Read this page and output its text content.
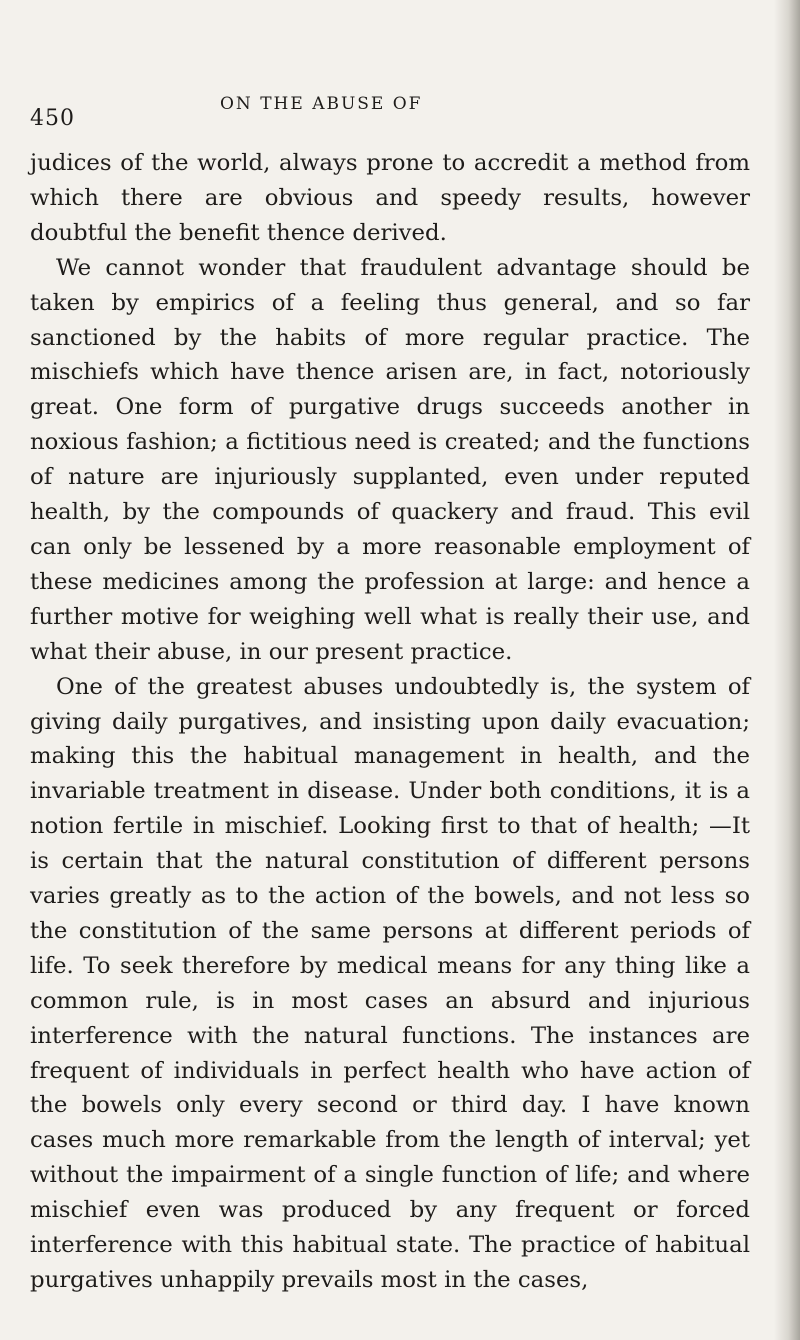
450
ON THE ABUSE OF

judices of the world, always prone to accredit a method from which there are obvious and speedy results, however doubtful the benefit thence derived.

We cannot wonder that fraudulent advantage should be taken by empirics of a feeling thus general, and so far sanctioned by the habits of more regular practice. The mischiefs which have thence arisen are, in fact, notoriously great. One form of purgative drugs succeeds another in noxious fashion; a fictitious need is created; and the functions of nature are injuriously supplanted, even under reputed health, by the compounds of quackery and fraud. This evil can only be lessened by a more reasonable employment of these medicines among the profession at large: and hence a further motive for weighing well what is really their use, and what their abuse, in our present practice.

One of the greatest abuses undoubtedly is, the system of giving daily purgatives, and insisting upon daily evacuation; making this the habitual management in health, and the invariable treatment in disease. Under both conditions, it is a notion fertile in mischief. Looking first to that of health; —It is certain that the natural constitution of different persons varies greatly as to the action of the bowels, and not less so the constitution of the same persons at different periods of life. To seek therefore by medical means for any thing like a common rule, is in most cases an absurd and injurious interference with the natural functions. The instances are frequent of individuals in perfect health who have action of the bowels only every second or third day. I have known cases much more remarkable from the length of interval; yet without the impairment of a single function of life; and where mischief even was produced by any frequent or forced interference with this habitual state. The practice of habitual purgatives unhappily prevails most in the cases,
